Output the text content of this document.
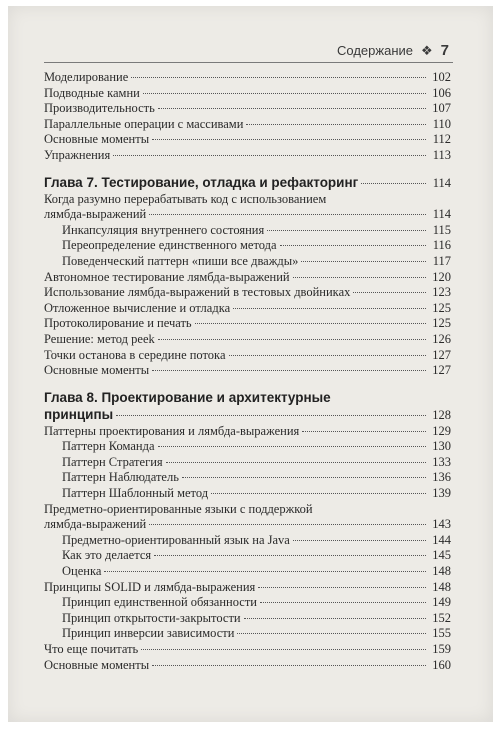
Содержание ❖ 7
Моделирование	102
Подводные камни	106
Производительность	107
Параллельные операции с массивами	110
Основные моменты	112
Упражнения	113
Глава 7. Тестирование, отладка и рефакторинг	114
Когда разумно перерабатывать код с использованием
лямбда-выражений	114
Инкапсуляция внутреннего состояния	115
Переопределение единственного метода	116
Поведенческий паттерн «пиши все дважды»	117
Автономное тестирование лямбда-выражений	120
Использование лямбда-выражений в тестовых двойниках	123
Отложенное вычисление и отладка	125
Протоколирование и печать	125
Решение: метод peek	126
Точки останова в середине потока	127
Основные моменты	127
Глава 8. Проектирование и архитектурные
принципы	128
Паттерны проектирования и лямбда-выражения	129
Паттерн Команда	130
Паттерн Стратегия	133
Паттерн Наблюдатель	136
Паттерн Шаблонный метод	139
Предметно-ориентированные языки с поддержкой
лямбда-выражений	143
Предметно-ориентированный язык на Java	144
Как это делается	145
Оценка	148
Принципы SOLID и лямбда-выражения	148
Принцип единственной обязанности	149
Принцип открытости-закрытости	152
Принцип инверсии зависимости	155
Что еще почитать	159
Основные моменты	160
